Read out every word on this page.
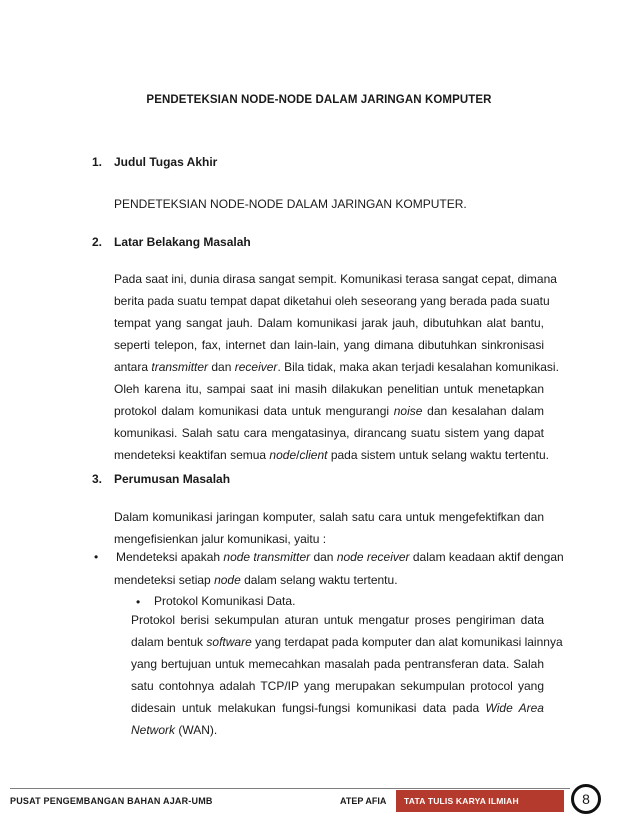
PENDETEKSIAN NODE-NODE DALAM JARINGAN KOMPUTER
1. Judul Tugas Akhir
PENDETEKSIAN NODE-NODE DALAM JARINGAN KOMPUTER.
2. Latar Belakang Masalah
Pada saat ini, dunia dirasa sangat sempit. Komunikasi terasa sangat cepat, dimana
berita pada suatu tempat dapat diketahui oleh seseorang yang berada pada suatu
tempat yang sangat jauh. Dalam komunikasi jarak jauh, dibutuhkan alat bantu,
seperti telepon, fax, internet dan lain-lain, yang dimana dibutuhkan sinkronisasi
antara transmitter dan receiver. Bila tidak, maka akan terjadi kesalahan komunikasi.
Oleh karena itu, sampai saat ini masih dilakukan penelitian untuk menetapkan
protokol dalam komunikasi data untuk mengurangi noise dan kesalahan dalam
komunikasi. Salah satu cara mengatasinya, dirancang suatu sistem yang dapat
mendeteksi keaktifan semua node/client pada sistem untuk selang waktu tertentu.
3. Perumusan Masalah
Dalam komunikasi jaringan komputer, salah satu cara untuk mengefektifkan dan
mengefisienkan jalur komunikasi, yaitu :
• Mendeteksi apakah node transmitter dan node receiver dalam keadaan aktif dengan
mendeteksi setiap node dalam selang waktu tertentu.
• Protokol Komunikasi Data.
Protokol berisi sekumpulan aturan untuk mengatur proses pengiriman data
dalam bentuk software yang terdapat pada komputer dan alat komunikasi lainnya
yang bertujuan untuk memecahkan masalah pada pentransferan data. Salah
satu contohnya adalah TCP/IP yang merupakan sekumpulan protocol yang
didesain untuk melakukan fungsi-fungsi komunikasi data pada Wide Area
Network (WAN).
PUSAT PENGEMBANGAN BAHAN AJAR-UMB	ATEP AFIA	TATA TULIS KARYA ILMIAH	8
